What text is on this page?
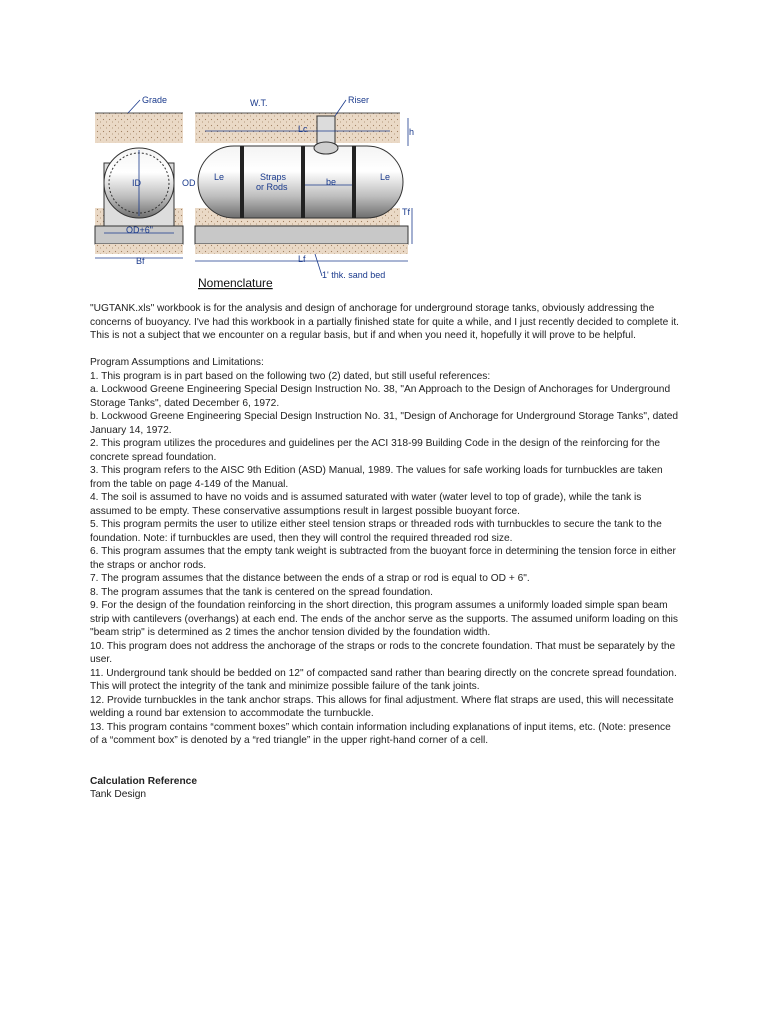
ID	OD
OD+6"
Bf
Grade	W.T.	Riser
h
Lc
Le	Le
Straps
or Rods	be
Tf
Lf
1' thk. sand bed
Nomenclature

"UGTANK.xls" workbook is for the analysis and design of anchorage for underground storage tanks, obviously addressing the concerns of buoyancy. I've had this workbook in a partially finished state for quite a while, and I just recently decided to complete it. This is not a subject that we encounter on a regular basis, but if and when you need it, hopefully it will prove to be helpful.

Program Assumptions and Limitations:

1. This program is in part based on the following two (2) dated, but still useful references:

a. Lockwood Greene Engineering Special Design Instruction No. 38, "An Approach to the Design of Anchorages for Underground Storage Tanks", dated December 6, 1972.

b. Lockwood Greene Engineering Special Design Instruction No. 31, "Design of Anchorage for Underground Storage Tanks", dated January 14, 1972.

2. This program utilizes the procedures and guidelines per the ACI 318-99 Building Code in the design of the reinforcing for the concrete spread foundation.

3. This program refers to the AISC 9th Edition (ASD) Manual, 1989. The values for safe working loads for turnbuckles are taken from the table on page 4-149 of the Manual.

4. The soil is assumed to have no voids and is assumed saturated with water (water level to top of grade), while the tank is assumed to be empty. These conservative assumptions result in largest possible buoyant force.

5. This program permits the user to utilize either steel tension straps or threaded rods with turnbuckles to secure the tank to the foundation. Note: if turnbuckles are used, then they will control the required threaded rod size.

6. This program assumes that the empty tank weight is subtracted from the buoyant force in determining the tension force in either the straps or anchor rods.

7. The program assumes that the distance between the ends of a strap or rod is equal to OD + 6".

8. The program assumes that the tank is centered on the spread foundation.

9. For the design of the foundation reinforcing in the short direction, this program assumes a uniformly loaded simple span beam strip with cantilevers (overhangs) at each end. The ends of the anchor serve as the supports. The assumed uniform loading on this "beam strip" is determined as 2 times the anchor tension divided by the foundation width.

10. This program does not address the anchorage of the straps or rods to the concrete foundation. That must be separately by the user.

11. Underground tank should be bedded on 12" of compacted sand rather than bearing directly on the concrete spread foundation. This will protect the integrity of the tank and minimize possible failure of the tank joints.

12. Provide turnbuckles in the tank anchor straps. This allows for final adjustment. Where flat straps are used, this will necessitate welding a round bar extension to accommodate the turnbuckle.

13. This program contains “comment boxes” which contain information including explanations of input items, etc. (Note: presence of a “comment box” is denoted by a “red triangle” in the upper right-hand corner of a cell.

Calculation Reference

Tank Design
